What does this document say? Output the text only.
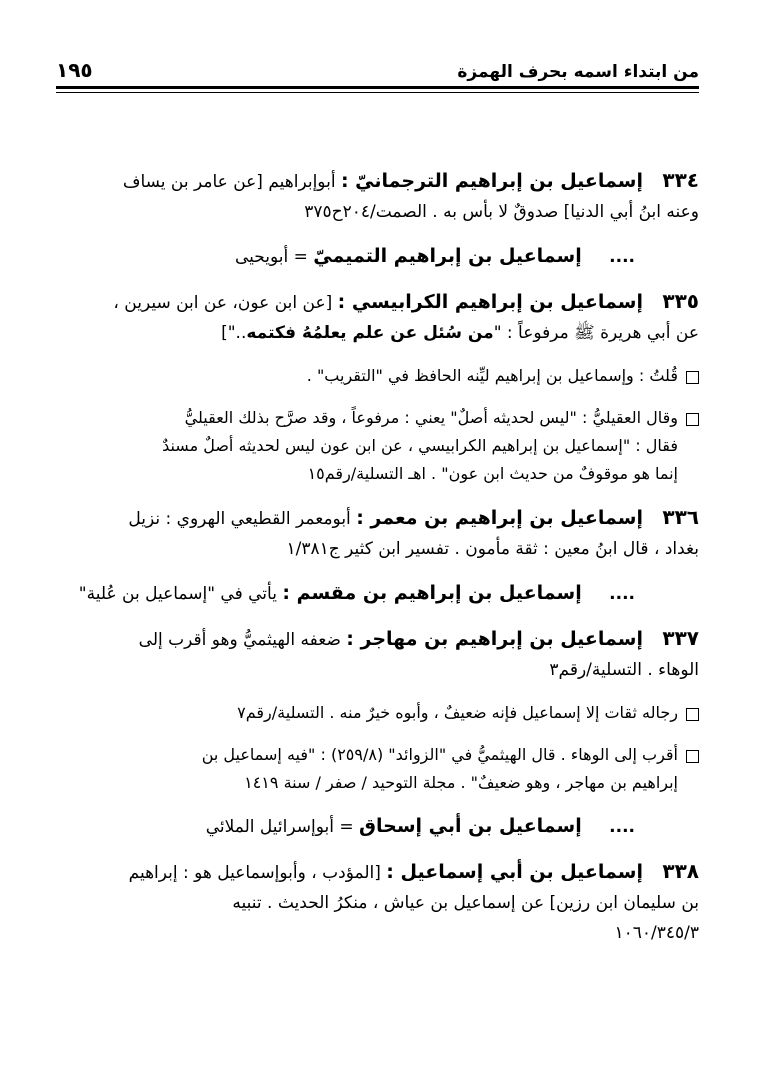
١٩٥	من ابتداء اسمه بحرف الهمزة

٣٣٤ إسماعيل بن إبراهيم الترجمانيّ : أبوإبراهيم [عن عامر بن يساف

وعنه ابنُ أبي الدنيا] صدوقٌ لا بأس به . الصمت/٢٠٤ح٣٧٥

.... إسماعيل بن إبراهيم التميميّ = أبويحيى

٣٣٥ إسماعيل بن إبراهيم الكرابيسي : [عن ابن عون، عن ابن سيرين ،

عن أبي هريرة ﷺ مرفوعاً : "من سُئل عن علم يعلمُهُ فكتمه.."]

قُلتُ : وإسماعيل بن إبراهيم ليِّنه الحافظ في "التقريب" .
وقال العقيليُّ : "ليس لحديثه أصلٌ" يعني : مرفوعاً ، وقد صرَّح بذلك العقيليُّ
فقال : "إسماعيل بن إبراهيم الكرابيسي ، عن ابن عون ليس لحديثه أصلٌ مسندٌ
إنما هو موقوفٌ من حديث ابن عون" . اهـ التسلية/رقم١٥

٣٣٦ إسماعيل بن إبراهيم بن معمر : أبومعمر القطيعي الهروي : نزيل

بغداد ، قال ابنُ معين : ثقة مأمون . تفسير ابن كثير ج١/٣٨١

.... إسماعيل بن إبراهيم بن مقسم : يأتي في "إسماعيل بن عُلية"

٣٣٧ إسماعيل بن إبراهيم بن مهاجر : ضعفه الهيثميُّ وهو أقرب إلى

الوهاء . التسلية/رقم٣

رجاله ثقات إلا إسماعيل فإنه ضعيفٌ ، وأبوه خيرٌ منه . التسلية/رقم٧
أقرب إلى الوهاء . قال الهيثميُّ في "الزوائد" (٢٥٩/٨) : "فيه إسماعيل بن
إبراهيم بن مهاجر ، وهو ضعيفٌ" . مجلة التوحيد / صفر / سنة ١٤١٩
.... إسماعيل بن أبي إسحاق = أبوإسرائيل الملائي

٣٣٨ إسماعيل بن أبي إسماعيل : [المؤدب ، وأبوإسماعيل هو : إبراهيم

بن سليمان ابن رزين] عن إسماعيل بن عياش ، منكرُ الحديث . تنبيه

١٠٦٠/٣٤٥/٣
